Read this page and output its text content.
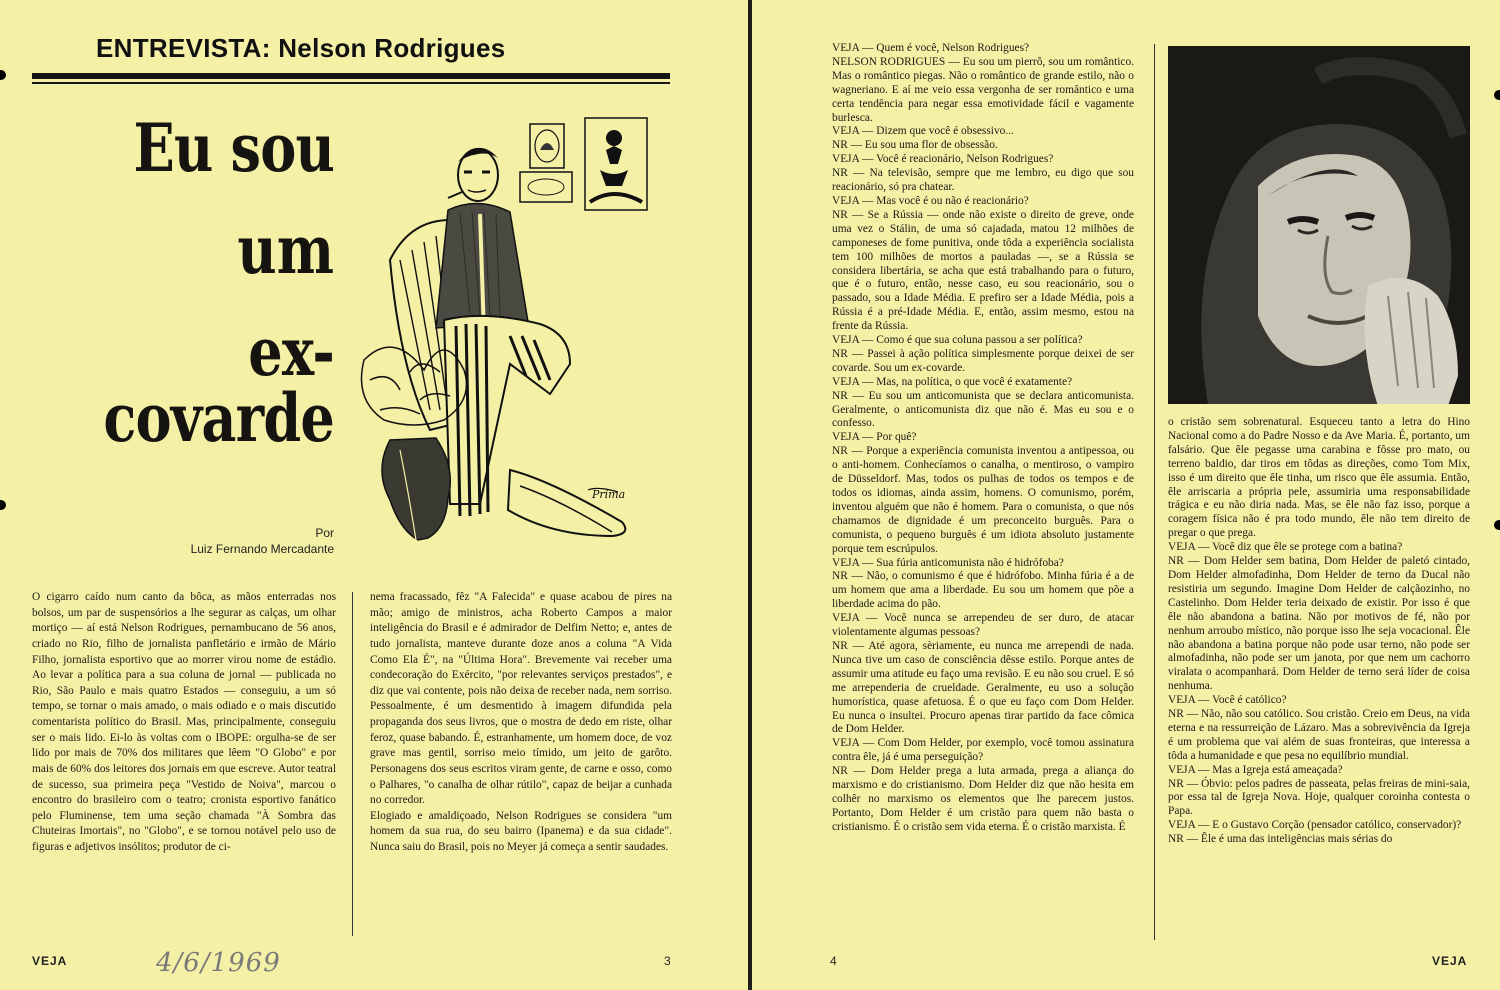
ENTREVISTA: Nelson Rodrigues
Eu sou
um
ex-covarde
Prima
Por
Luiz Fernando Mercadante

O cigarro caído num canto da bôca, as mãos enterradas nos bolsos, um par de suspensórios a lhe segurar as calças, um olhar mortiço — aí está Nelson Rodrigues, pernambucano de 56 anos, criado no Rio, filho de jornalista panfletário e irmão de Mário Filho, jornalista esportivo que ao morrer virou nome de estádio. Ao levar a política para a sua coluna de jornal — publicada no Rio, São Paulo e mais quatro Estados — conseguiu, a um só tempo, se tornar o mais amado, o mais odiado e o mais discutido comentarista político do Brasil. Mas, principalmente, conseguiu ser o mais lido. Ei-lo às voltas com o IBOPE: orgulha-se de ser lido por mais de 70% dos militares que lêem "O Globo" e por mais de 60% dos leitores dos jornais em que escreve. Autor teatral de sucesso, sua primeira peça "Vestido de Noiva", marcou o encontro do brasileiro com o teatro; cronista esportivo fanático pelo Fluminense, tem uma seção chamada "À Sombra das Chuteiras Imortais", no "Globo", e se tornou notável pelo uso de figuras e adjetivos insólitos; produtor de ci-

nema fracassado, fêz "A Falecida" e quase acabou de pires na mão; amigo de ministros, acha Roberto Campos a maior inteligência do Brasil e é admirador de Delfim Netto; e, antes de tudo jornalista, manteve durante doze anos a coluna "A Vida Como Ela É", na "Última Hora". Brevemente vai receber uma condecoração do Exército, "por relevantes serviços prestados", e diz que vai contente, pois não deixa de receber nada, nem sorriso. Pessoalmente, é um desmentido à imagem difundida pela propaganda dos seus livros, que o mostra de dedo em riste, olhar feroz, quase babando. É, estranhamente, um homem doce, de voz grave mas gentil, sorriso meio tímido, um jeito de garôto. Personagens dos seus escritos viram gente, de carne e osso, como o Palhares, "o canalha de olhar rútilo", capaz de beijar a cunhada no corredor.

Elogiado e amaldiçoado, Nelson Rodrigues se considera "um homem da sua rua, do seu bairro (Ipanema) e da sua cidade". Nunca saiu do Brasil, pois no Meyer já começa a sentir saudades.

VEJA	4/6/1969	3

VEJA — Quem é você, Nelson Rodrigues?

NELSON RODRIGUES — Eu sou um pierrô, sou um romântico. Mas o romântico piegas. Não o romântico de grande estilo, não o wagneriano. E aí me veio essa vergonha de ser romântico e uma certa tendência para negar essa emotividade fácil e vagamente burlesca.

VEJA — Dizem que você é obsessivo...

NR — Eu sou uma flor de obsessão.

VEJA — Você é reacionário, Nelson Rodrigues?

NR — Na televisão, sempre que me lembro, eu digo que sou reacionário, só pra chatear.

VEJA — Mas você é ou não é reacionário?

NR — Se a Rússia — onde não existe o direito de greve, onde uma vez o Stálin, de uma só cajadada, matou 12 milhões de camponeses de fome punitiva, onde tôda a experiência socialista tem 100 milhões de mortos a pauladas —, se a Rússia se considera libertária, se acha que está trabalhando para o futuro, que é o futuro, então, nesse caso, eu sou reacionário, sou o passado, sou a Idade Média. E prefiro ser a Idade Média, pois a Rússia é a pré-Idade Média. E, então, assim mesmo, estou na frente da Rússia.

VEJA — Como é que sua coluna passou a ser política?

NR — Passei à ação política simplesmente porque deixei de ser covarde. Sou um ex-covarde.

VEJA — Mas, na política, o que você é exatamente?

NR — Eu sou um anticomunista que se declara anticomunista. Geralmente, o anticomunista diz que não é. Mas eu sou e o confesso.

VEJA — Por quê?

NR — Porque a experiência comunista inventou a antipessoa, ou o anti-homem. Conhecíamos o canalha, o mentiroso, o vampiro de Düsseldorf. Mas, todos os pulhas de todos os tempos e de todos os idiomas, ainda assim, homens. O comunismo, porém, inventou alguém que não é homem. Para o comunista, o que nós chamamos de dignidade é um preconceito burguês. Para o comunista, o pequeno burguês é um idiota absoluto justamente porque tem escrúpulos.

VEJA — Sua fúria anticomunista não é hidrófoba?

NR — Não, o comunismo é que é hidrófobo. Minha fúria é a de um homem que ama a liberdade. Eu sou um homem que põe a liberdade acima do pão.

VEJA — Você nunca se arrependeu de ser duro, de atacar violentamente algumas pessoas?

NR — Até agora, sèriamente, eu nunca me arrependi de nada. Nunca tive um caso de consciência dêsse estilo. Porque antes de assumir uma atitude eu faço uma revisão. E eu não sou cruel. E só me arrependeria de crueldade. Geralmente, eu uso a solução humorística, quase afetuosa. É o que eu faço com Dom Helder. Eu nunca o insultei. Procuro apenas tirar partido da face cômica de Dom Helder.

VEJA — Com Dom Helder, por exemplo, você tomou assinatura contra êle, já é uma perseguição?

NR — Dom Helder prega a luta armada, prega a aliança do marxismo e do cristianismo. Dom Helder diz que não hesita em colhêr no marxismo os elementos que lhe parecem justos. Portanto, Dom Helder é um cristão para quem não basta o cristianismo. É o cristão sem vida eterna. É o cristão marxista. É

o cristão sem sobrenatural. Esqueceu tanto a letra do Hino Nacional como a do Padre Nosso e da Ave Maria. É, portanto, um falsário. Que êle pegasse uma carabina e fôsse pro mato, ou terreno baldio, dar tiros em tôdas as direções, como Tom Mix, isso é um direito que êle tinha, um risco que êle assumia. Então, êle arriscaria a própria pele, assumiria uma responsabilidade trágica e eu não diria nada. Mas, se êle não faz isso, porque a coragem física não é pra todo mundo, êle não tem direito de pregar o que prega.

VEJA — Você diz que êle se protege com a batina?

NR — Dom Helder sem batina, Dom Helder de paletó cintado, Dom Helder almofadinha, Dom Helder de terno da Ducal não resistiria um segundo. Imagine Dom Helder de calçãozinho, no Castelinho. Dom Helder teria deixado de existir. Por isso é que êle não abandona a batina. Não por motivos de fé, não por nenhum arroubo místico, não porque isso lhe seja vocacional. Êle não abandona a batina porque não pode usar terno, não pode ser almofadinha, não pode ser um janota, por que nem um cachorro viralata o acompanhará. Dom Helder de terno será líder de coisa nenhuma.

VEJA — Você é católico?

NR — Não, não sou católico. Sou cristão. Creio em Deus, na vida eterna e na ressurreição de Lázaro. Mas a sobrevivência da Igreja é um problema que vai além de suas fronteiras, que interessa a tôda a humanidade e que pesa no equilíbrio mundial.

VEJA — Mas a Igreja está ameaçada?

NR — Óbvio: pelos padres de passeata, pelas freiras de mini-saia, por essa tal de Igreja Nova. Hoje, qualquer coroinha contesta o Papa.

VEJA — E o Gustavo Corção (pensador católico, conservador)?

NR — Êle é uma das inteligências mais sérias do

4	VEJA
